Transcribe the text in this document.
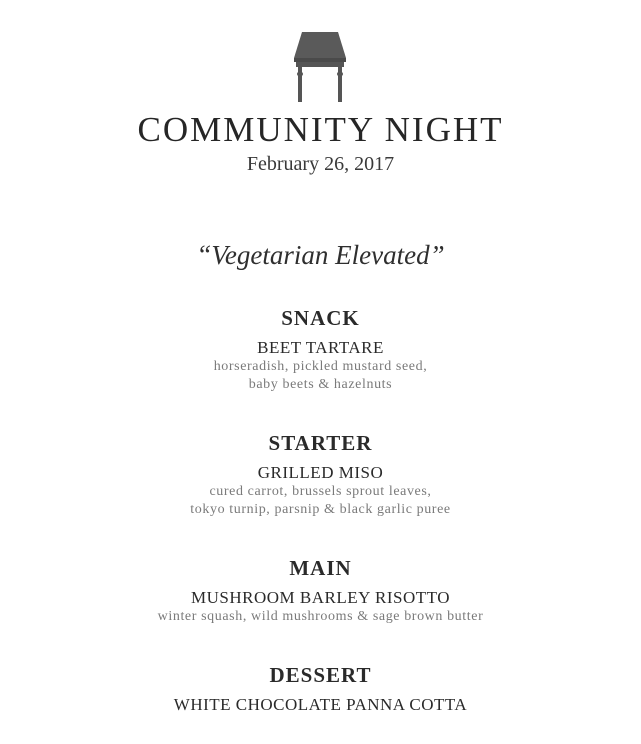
COMMUNITY NIGHT
February 26, 2017
“Vegetarian Elevated”
SNACK
BEET TARTARE
horseradish, pickled mustard seed,
baby beets & hazelnuts
STARTER
GRILLED MISO
cured carrot, brussels sprout leaves,
tokyo turnip, parsnip & black garlic puree
MAIN
MUSHROOM BARLEY RISOTTO
winter squash, wild mushrooms & sage brown butter
DESSERT
WHITE CHOCOLATE PANNA COTTA
